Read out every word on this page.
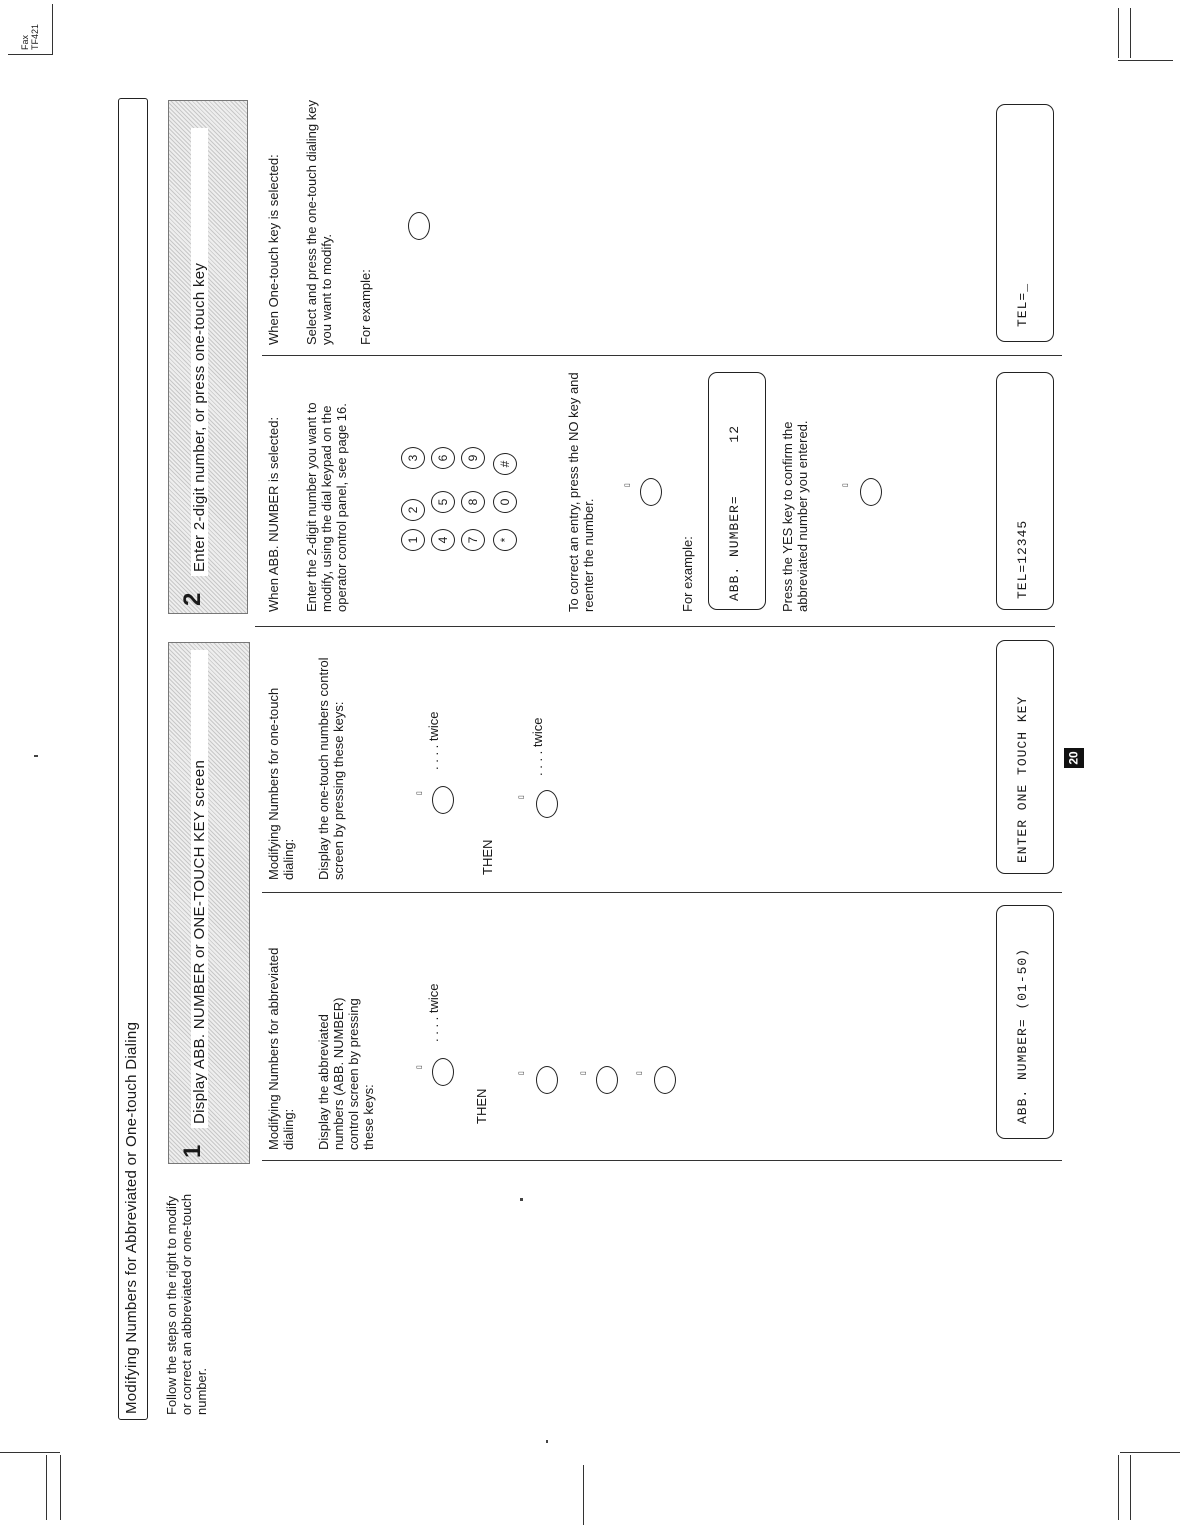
Fax
TF421
Modifying Numbers for Abbreviated or One-touch Dialing Follow the steps on the right to modify or correct an abbreviated or one-touch number.
1
Display ABB. NUMBER or ONE-TOUCH KEY screen
2
Enter 2-digit number, or press one-touch key
Modifying Numbers for abbreviated dialing: Display the abbreviated numbers (ABB. NUMBER) control screen by pressing these keys:
▭
. . . . twice
THEN
▭	▭	▭	ABB. NUMBER= (01-50)
Modifying Numbers for one-touch dialing: Display the one-touch numbers control screen by pressing these keys:	▭
. . . . twice
THEN
▭
. . . . twice	ENTER ONE TOUCH KEY
When ABB. NUMBER is selected: Enter the 2-digit number you want to modify, using the dial keypad on the operator control panel, see page 16.	1
2
3
4
5
6
7
8
9
*
0
#	To correct an entry, press the NO key and reenter the number.
▭
For example: ABB. NUMBER=      12	Press the YES key to confirm the abbreviated number you entered.	▭
TEL=12345
When One-touch key is selected: Select and press the one-touch dialing key you want to modify. For example:	TEL=_
20
